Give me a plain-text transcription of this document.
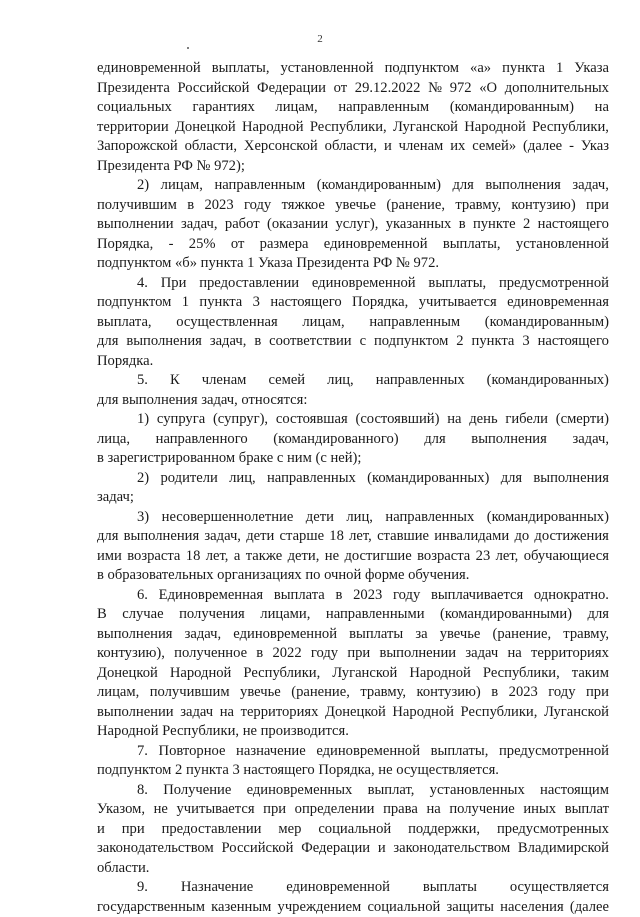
2
единовременной выплаты, установленной подпунктом «а» пункта 1 Указа
Президента Российской Федерации от 29.12.2022 № 972 «О дополнительных
социальных гарантиях лицам, направленным (командированным) на
территории Донецкой Народной Республики, Луганской Народной Республики,
Запорожской области, Херсонской области, и членам их семей» (далее - Указ
Президента РФ № 972);
2) лицам, направленным (командированным) для выполнения задач,
получившим в 2023 году тяжкое увечье (ранение, травму, контузию) при
выполнении задач, работ (оказании услуг), указанных в пункте 2 настоящего
Порядка, - 25% от размера единовременной выплаты, установленной
подпунктом «б» пункта 1 Указа Президента РФ № 972.
4. При предоставлении единовременной выплаты, предусмотренной
подпунктом 1 пункта 3 настоящего Порядка, учитывается единовременная
выплата, осуществленная лицам, направленным (командированным)
для выполнения задач, в соответствии с подпунктом 2 пункта 3 настоящего
Порядка.
5. К членам семей лиц, направленных (командированных)
для выполнения задач, относятся:
1) супруга (супруг), состоявшая (состоявший) на день гибели (смерти)
лица, направленного (командированного) для выполнения задач,
в зарегистрированном браке с ним (с ней);
2) родители лиц, направленных (командированных) для выполнения
задач;
3) несовершеннолетние дети лиц, направленных (командированных)
для выполнения задач, дети старше 18 лет, ставшие инвалидами до достижения
ими возраста 18 лет, а также дети, не достигшие возраста 23 лет, обучающиеся
в образовательных организациях по очной форме обучения.
6. Единовременная выплата в 2023 году выплачивается однократно.
В случае получения лицами, направленными (командированными) для
выполнения задач, единовременной выплаты за увечье (ранение, травму,
контузию), полученное в 2022 году при выполнении задач на территориях
Донецкой Народной Республики, Луганской Народной Республики, таким
лицам, получившим увечье (ранение, травму, контузию) в 2023 году при
выполнении задач на территориях Донецкой Народной Республики, Луганской
Народной Республики, не производится.
7. Повторное назначение единовременной выплаты, предусмотренной
подпунктом 2 пункта 3 настоящего Порядка, не осуществляется.
8. Получение единовременных выплат, установленных настоящим
Указом, не учитывается при определении права на получение иных выплат
и при предоставлении мер социальной поддержки, предусмотренных
законодательством Российской Федерации и законодательством Владимирской
области.
9. Назначение единовременной выплаты осуществляется
государственным казенным учреждением социальной защиты населения (далее
